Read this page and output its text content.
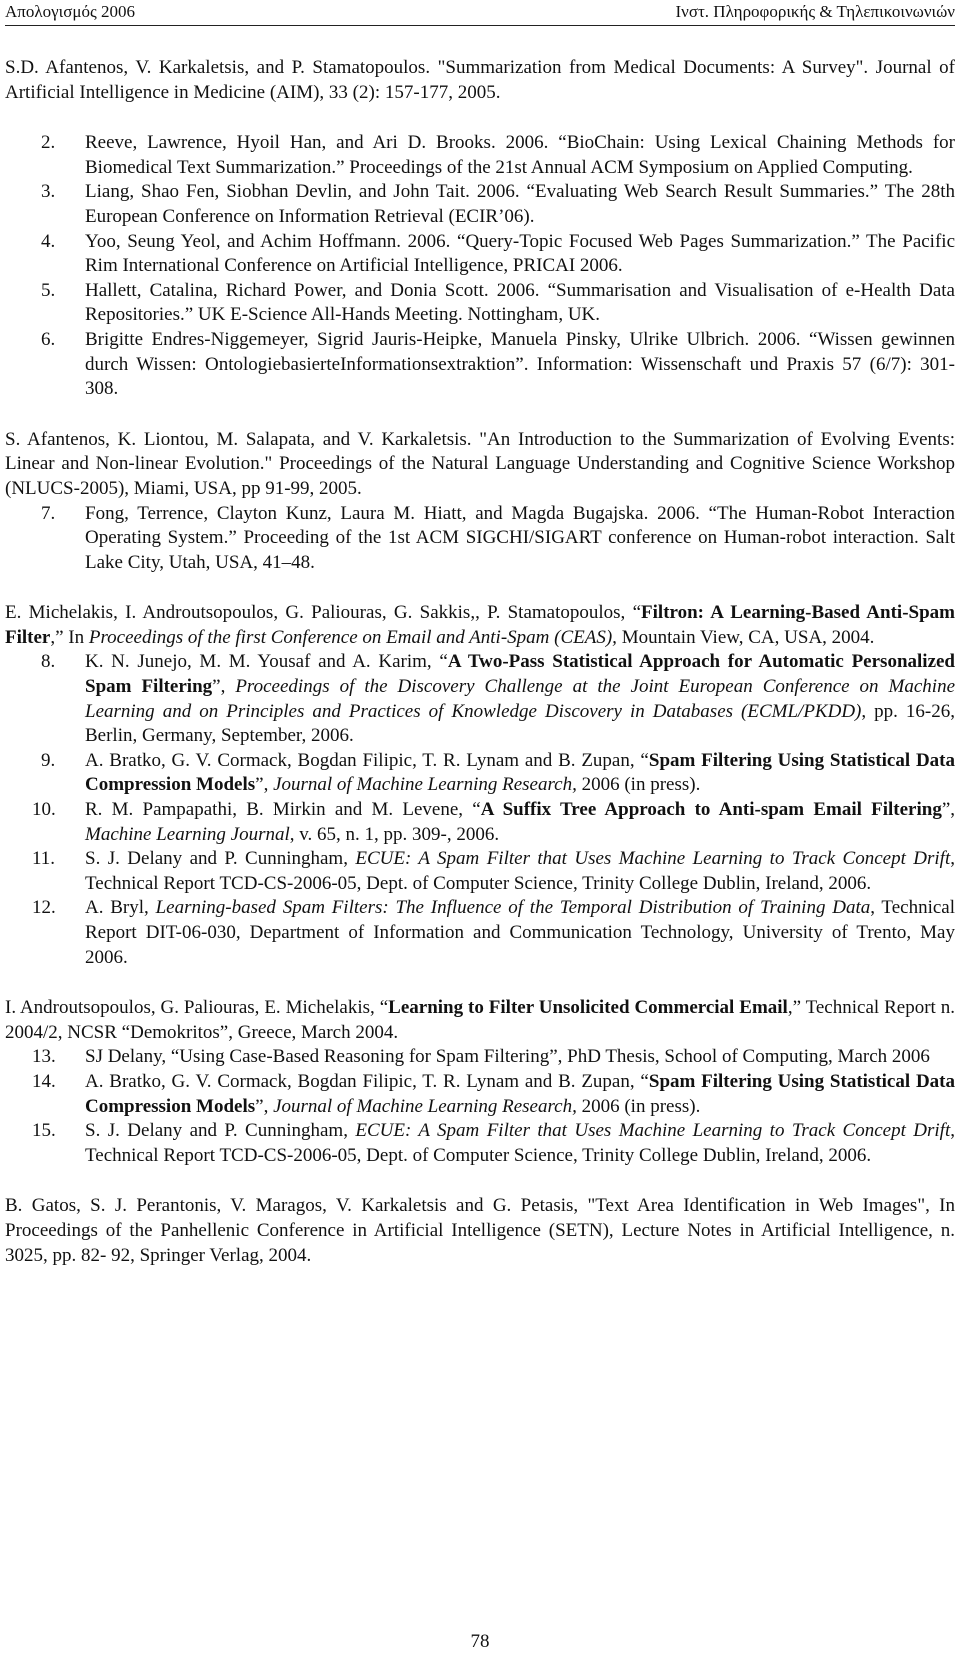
Απολογισμός 2006	Ινστ. Πληροφορικής & Τηλεπικοινωνιών

S.D. Afantenos, V. Karkaletsis, and P. Stamatopoulos. "Summarization from Medical Documents: A Survey". Journal of Artificial Intelligence in Medicine (AIM), 33 (2): 157-177, 2005.

2. Reeve, Lawrence, Hyoil Han, and Ari D. Brooks. 2006. “BioChain: Using Lexical Chaining Methods for Biomedical Text Summarization.” Proceedings of the 21st Annual ACM Symposium on Applied Computing.

3. Liang, Shao Fen, Siobhan Devlin, and John Tait. 2006. “Evaluating Web Search Result Summaries.” The 28th European Conference on Information Retrieval (ECIR’06).

4. Yoo, Seung Yeol, and Achim Hoffmann. 2006. “Query-Topic Focused Web Pages Summarization.” The Pacific Rim International Conference on Artificial Intelligence, PRICAI 2006.

5. Hallett, Catalina, Richard Power, and Donia Scott. 2006. “Summarisation and Visualisation of e-Health Data Repositories.” UK E-Science All-Hands Meeting. Nottingham, UK.

6. Brigitte Endres-Niggemeyer, Sigrid Jauris-Heipke, Manuela Pinsky, Ulrike Ulbrich. 2006. “Wissen gewinnen durch Wissen: OntologiebasierteInformationsextraktion”. Information: Wissenschaft und Praxis 57 (6/7): 301-308.

S. Afantenos, K. Liontou, M. Salapata, and V. Karkaletsis. "An Introduction to the Summarization of Evolving Events: Linear and Non-linear Evolution." Proceedings of the Natural Language Understanding and Cognitive Science Workshop (NLUCS-2005), Miami, USA, pp 91-99, 2005.

7. Fong, Terrence, Clayton Kunz, Laura M. Hiatt, and Magda Bugajska. 2006. “The Human-Robot Interaction Operating System.” Proceeding of the 1st ACM SIGCHI/SIGART conference on Human-robot interaction. Salt Lake City, Utah, USA, 41–48.

E. Michelakis, I. Androutsopoulos, G. Paliouras, G. Sakkis,, P. Stamatopoulos, “Filtron: A Learning-Based Anti-Spam Filter,” In Proceedings of the first Conference on Email and Anti-Spam (CEAS), Mountain View, CA, USA, 2004.

8. K. N. Junejo, M. M. Yousaf and A. Karim, “A Two-Pass Statistical Approach for Automatic Personalized Spam Filtering”, Proceedings of the Discovery Challenge at the Joint European Conference on Machine Learning and on Principles and Practices of Knowledge Discovery in Databases (ECML/PKDD), pp. 16-26, Berlin, Germany, September, 2006.

9. A. Bratko, G. V. Cormack, Bogdan Filipic, T. R. Lynam and B. Zupan, “Spam Filtering Using Statistical Data Compression Models”, Journal of Machine Learning Research, 2006 (in press).

10. R. M. Pampapathi, B. Mirkin and M. Levene, “A Suffix Tree Approach to Anti-spam Email Filtering”, Machine Learning Journal, v. 65, n. 1, pp. 309-, 2006.

11. S. J. Delany and P. Cunningham, ECUE: A Spam Filter that Uses Machine Learning to Track Concept Drift, Technical Report TCD-CS-2006-05, Dept. of Computer Science, Trinity College Dublin, Ireland, 2006.

12. A. Bryl, Learning-based Spam Filters: The Influence of the Temporal Distribution of Training Data, Technical Report DIT-06-030, Department of Information and Communication Technology, University of Trento, May 2006.

I. Androutsopoulos, G. Paliouras, E. Michelakis, “Learning to Filter Unsolicited Commercial Email,” Technical Report n. 2004/2, NCSR “Demokritos”, Greece, March 2004.

13. SJ Delany, “Using Case-Based Reasoning for Spam Filtering”, PhD Thesis, School of Computing, March 2006

14. A. Bratko, G. V. Cormack, Bogdan Filipic, T. R. Lynam and B. Zupan, “Spam Filtering Using Statistical Data Compression Models”, Journal of Machine Learning Research, 2006 (in press).

15. S. J. Delany and P. Cunningham, ECUE: A Spam Filter that Uses Machine Learning to Track Concept Drift, Technical Report TCD-CS-2006-05, Dept. of Computer Science, Trinity College Dublin, Ireland, 2006.

B. Gatos, S. J. Perantonis, V. Maragos, V. Karkaletsis and G. Petasis, "Text Area Identification in Web Images", In Proceedings of the Panhellenic Conference in Artificial Intelligence (SETN), Lecture Notes in Artificial Intelligence, n. 3025, pp. 82- 92, Springer Verlag, 2004.

78
